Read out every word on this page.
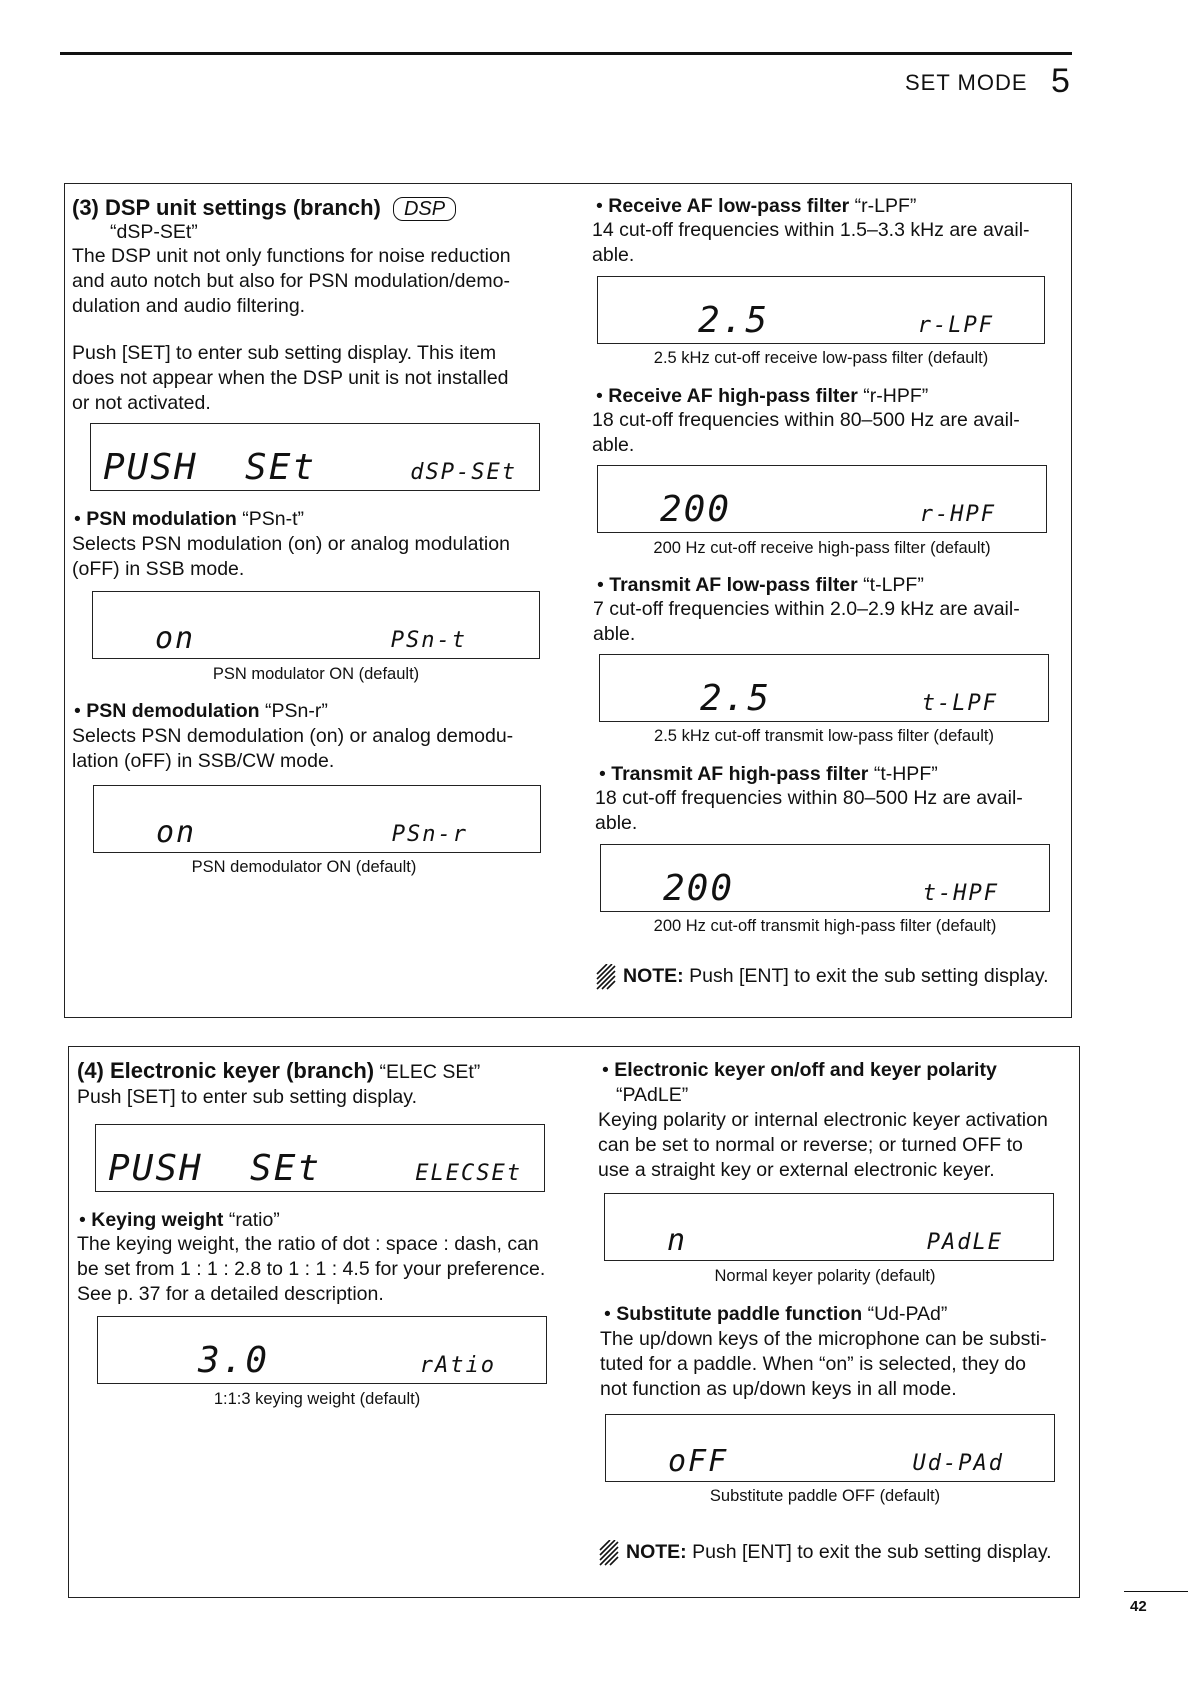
SET MODE 5
(3) DSP unit settings (branch) DSP
“dSP-SEt”
The DSP unit not only functions for noise reduction
and auto notch but also for PSN modulation/demo-
dulation and audio filtering.
Push [SET] to enter sub setting display. This item
does not appear when the DSP unit is not installed
or not activated.
PUSH  SEt	dSP-SEt
• PSN modulation “PSn-t”
Selects PSN modulation (on) or analog modulation
(oFF) in SSB mode.
on	PSn-t
PSN modulator ON (default)
• PSN demodulation “PSn-r”
Selects PSN demodulation (on) or analog demodu-
lation (oFF) in SSB/CW mode.
on	PSn-r
PSN demodulator ON (default)
• Receive AF low-pass filter “r-LPF”
14 cut-off frequencies within 1.5–3.3 kHz are avail-
able.
2.5	r-LPF
2.5 kHz cut-off receive low-pass filter (default)
• Receive AF high-pass filter “r-HPF”
18 cut-off frequencies within 80–500 Hz are avail-
able.
200	r-HPF
200 Hz cut-off receive high-pass filter (default)
• Transmit AF low-pass filter “t-LPF”
7 cut-off frequencies within 2.0–2.9 kHz are avail-
able.
2.5	t-LPF
2.5 kHz cut-off transmit low-pass filter (default)
• Transmit AF high-pass filter “t-HPF”
18 cut-off frequencies within 80–500 Hz are avail-
able.
200	t-HPF
200 Hz cut-off transmit high-pass filter (default)
NOTE: Push [ENT] to exit the sub setting display.
(4) Electronic keyer (branch) “ELEC SEt”
Push [SET] to enter sub setting display.
PUSH  SEt	ELECSEt
• Keying weight “ratio”
The keying weight, the ratio of dot : space : dash, can
be set from 1 : 1 : 2.8 to 1 : 1 : 4.5 for your preference.
See p. 37 for a detailed description.
3.0	rAtio
1:1:3 keying weight (default)
• Electronic keyer on/off and keyer polarity
“PAdLE”
Keying polarity or internal electronic keyer activation
can be set to normal or reverse; or turned OFF to
use a straight key or external electronic keyer.
n	PAdLE
Normal keyer polarity (default)
• Substitute paddle function “Ud-PAd”
The up/down keys of the microphone can be substi-
tuted for a paddle. When “on” is selected, they do
not function as up/down keys in all mode.
oFF	Ud-PAd
Substitute paddle OFF (default)
NOTE: Push [ENT] to exit the sub setting display.
42
